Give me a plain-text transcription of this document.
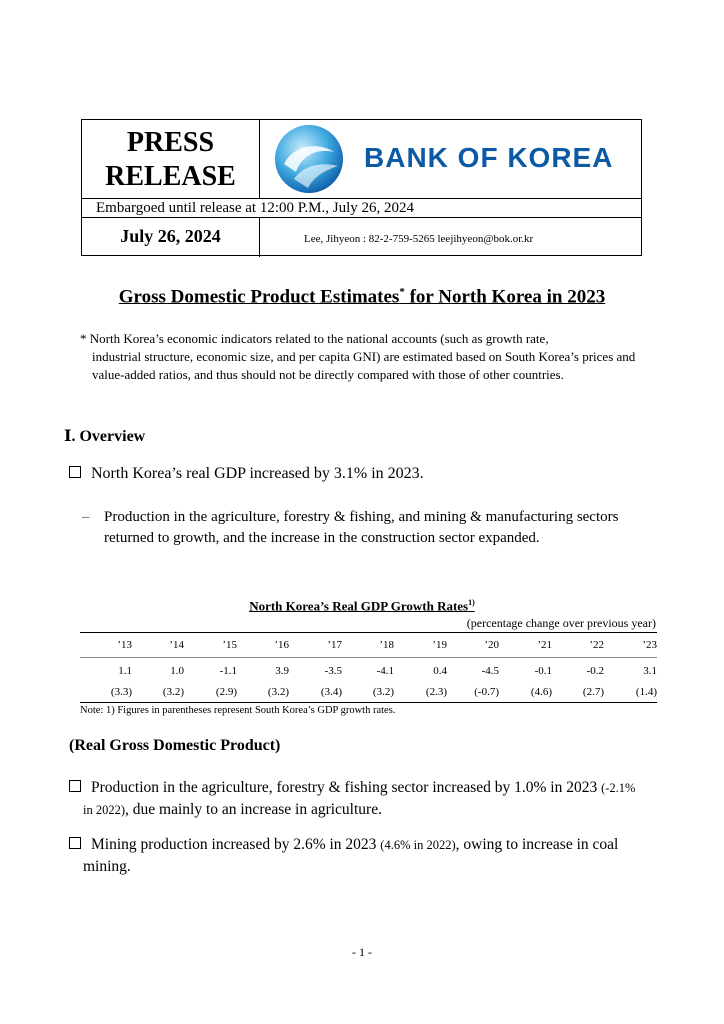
PRESS RELEASE
BANK OF KOREA
Embargoed until release at 12:00 P.M., July 26, 2024
July 26, 2024	Lee, Jihyeon : 82-2-759-5265 leejihyeon@bok.or.kr
Gross Domestic Product Estimates* for North Korea in 2023
* North Korea’s economic indicators related to the national accounts (such as growth rate,
industrial structure, economic size, and per capita GNI) are estimated based on South Korea’s prices and value-added ratios, and thus should not be directly compared with those of other countries.
Ⅰ. Overview
North Korea’s real GDP increased by 3.1% in 2023.
– Production in the agriculture, forestry & fishing, and mining & manufacturing sectors returned to growth, and the increase in the construction sector expanded.
North Korea’s Real GDP Growth Rates$^{1)}$
(percentage change over previous year)
’13	’14	’15	’16	’17	’18	’19	’20	’21	’22	’23
1.1	1.0	-1.1	3.9	-3.5	-4.1	0.4	-4.5	-0.1	-0.2	3.1
(3.3)	(3.2)	(2.9)	(3.2)	(3.4)	(3.2)	(2.3)	(-0.7)	(4.6)	(2.7)	(1.4)
Note: 1) Figures in parentheses represent South Korea’s GDP growth rates.
(Real Gross Domestic Product)
Production in the agriculture, forestry & fishing sector increased by 1.0% in 2023 (-2.1%
in 2022), due mainly to an increase in agriculture.
Mining production increased by 2.6% in 2023 (4.6% in 2022), owing to increase in coal
mining.
- 1 -
